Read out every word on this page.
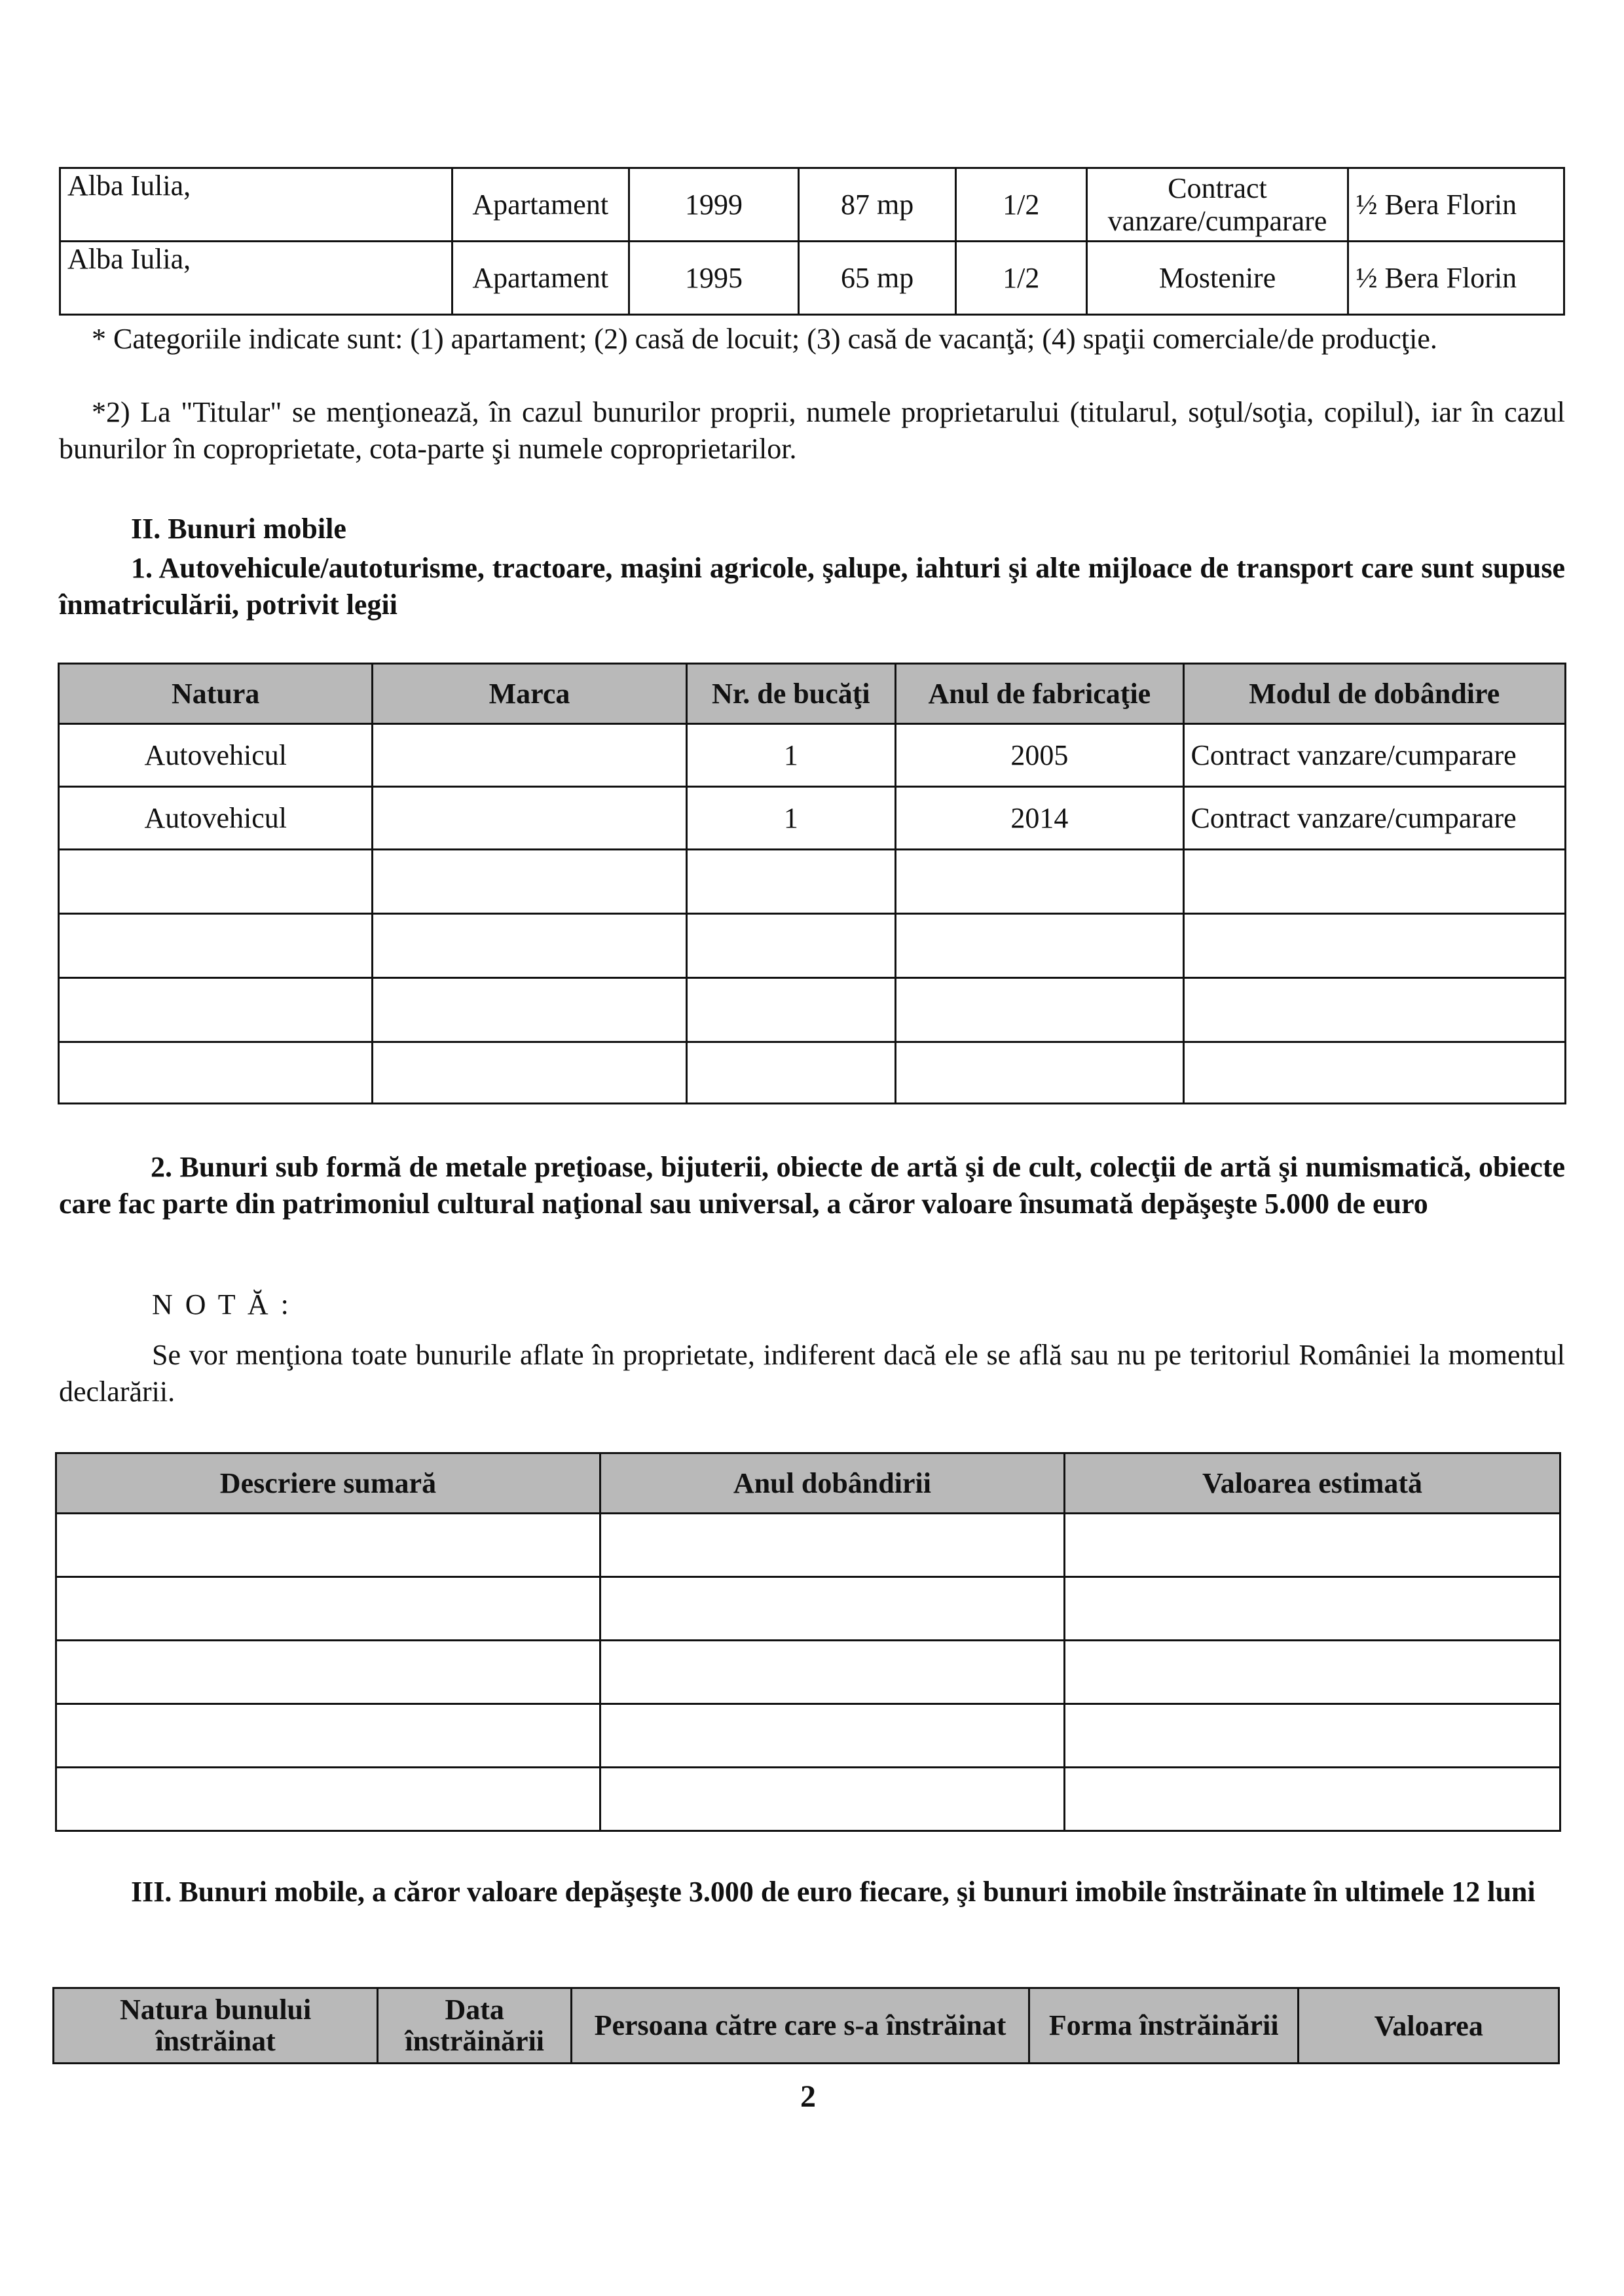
Alba Iulia,	Apartament	1999	87 mp	1/2	Contract vanzare/cumparare	½ Bera Florin
Alba Iulia,	Apartament	1995	65 mp	1/2	Mostenire	½ Bera Florin
* Categoriile indicate sunt: (1) apartament; (2) casă de locuit; (3) casă de vacanţă; (4) spaţii comerciale/de producţie.
*2) La "Titular" se menţionează, în cazul bunurilor proprii, numele proprietarului (titularul, soţul/soţia, copilul), iar în cazul bunurilor în coproprietate, cota-parte şi numele coproprietarilor.
II. Bunuri mobile
1. Autovehicule/autoturisme, tractoare, maşini agricole, şalupe, iahturi şi alte mijloace de transport care sunt supuse înmatriculării, potrivit legii
Natura	Marca	Nr. de bucăţi	Anul de fabricaţie	Modul de dobândire
Autovehicul		1	2005	Contract vanzare/cumparare
Autovehicul		1	2014	Contract vanzare/cumparare

2. Bunuri sub formă de metale preţioase, bijuterii, obiecte de artă şi de cult, colecţii de artă şi numismatică, obiecte care fac parte din patrimoniul cultural naţional sau universal, a căror valoare însumată depăşeşte 5.000 de euro
N O T Ă :
Se vor menţiona toate bunurile aflate în proprietate, indiferent dacă ele se află sau nu pe teritoriul României la momentul declarării.
Descriere sumară	Anul dobândirii	Valoarea estimată

III. Bunuri mobile, a căror valoare depăşeşte 3.000 de euro fiecare, şi bunuri imobile înstrăinate în ultimele 12 luni
Natura bunului înstrăinat	Data înstrăinării	Persoana către care s-a înstrăinat	Forma înstrăinării	Valoarea
2
